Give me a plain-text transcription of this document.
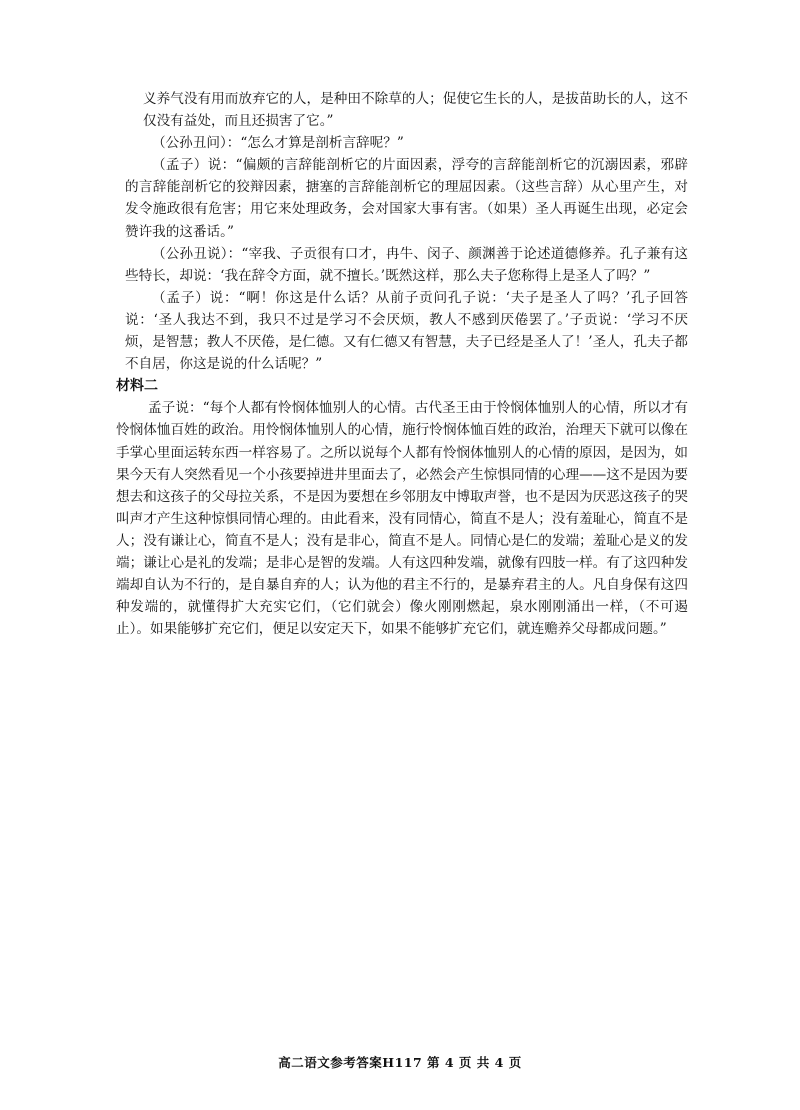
义养气没有用而放弃它的人，是种田不除草的人；促使它生长的人，是拔苗助长的人，这不仅没有益处，而且还损害了它。”

（公孙丑问）：“怎么才算是剖析言辞呢？”

（孟子）说：“偏颇的言辞能剖析它的片面因素，浮夸的言辞能剖析它的沉溺因素，邪辟的言辞能剖析它的狡辩因素，搪塞的言辞能剖析它的理屈因素。（这些言辞）从心里产生，对发令施政很有危害；用它来处理政务，会对国家大事有害。（如果）圣人再诞生出现，必定会赞许我的这番话。”

（公孙丑说）：“宰我、子贡很有口才，冉牛、闵子、颜渊善于论述道德修养。孔子兼有这些特长，却说：‘我在辞令方面，就不擅长。’既然这样，那么夫子您称得上是圣人了吗？”

（孟子）说：“啊！你这是什么话？从前子贡问孔子说：‘夫子是圣人了吗？’孔子回答说：‘圣人我达不到，我只不过是学习不会厌烦，教人不感到厌倦罢了。’子贡说：‘学习不厌烦，是智慧；教人不厌倦，是仁德。又有仁德又有智慧，夫子已经是圣人了！’圣人，孔夫子都不自居，你这是说的什么话呢？”

材料二

孟子说：“每个人都有怜悯体恤别人的心情。古代圣王由于怜悯体恤别人的心情，所以才有怜悯体恤百姓的政治。用怜悯体恤别人的心情，施行怜悯体恤百姓的政治，治理天下就可以像在手掌心里面运转东西一样容易了。之所以说每个人都有怜悯体恤别人的心情的原因，是因为，如果今天有人突然看见一个小孩要掉进井里面去了，必然会产生惊惧同情的心理——这不是因为要想去和这孩子的父母拉关系，不是因为要想在乡邻朋友中博取声誉，也不是因为厌恶这孩子的哭叫声才产生这种惊惧同情心理的。由此看来，没有同情心，简直不是人；没有羞耻心，简直不是人；没有谦让心，简直不是人；没有是非心，简直不是人。同情心是仁的发端；羞耻心是义的发端；谦让心是礼的发端；是非心是智的发端。人有这四种发端，就像有四肢一样。有了这四种发端却自认为不行的，是自暴自弃的人；认为他的君主不行的，是暴弃君主的人。凡自身保有这四种发端的，就懂得扩大充实它们，（它们就会）像火刚刚燃起，泉水刚刚涌出一样，（不可遏止）。如果能够扩充它们，便足以安定天下，如果不能够扩充它们，就连赡养父母都成问题。”

高二语文参考答案H117 第 4 页 共 4 页
